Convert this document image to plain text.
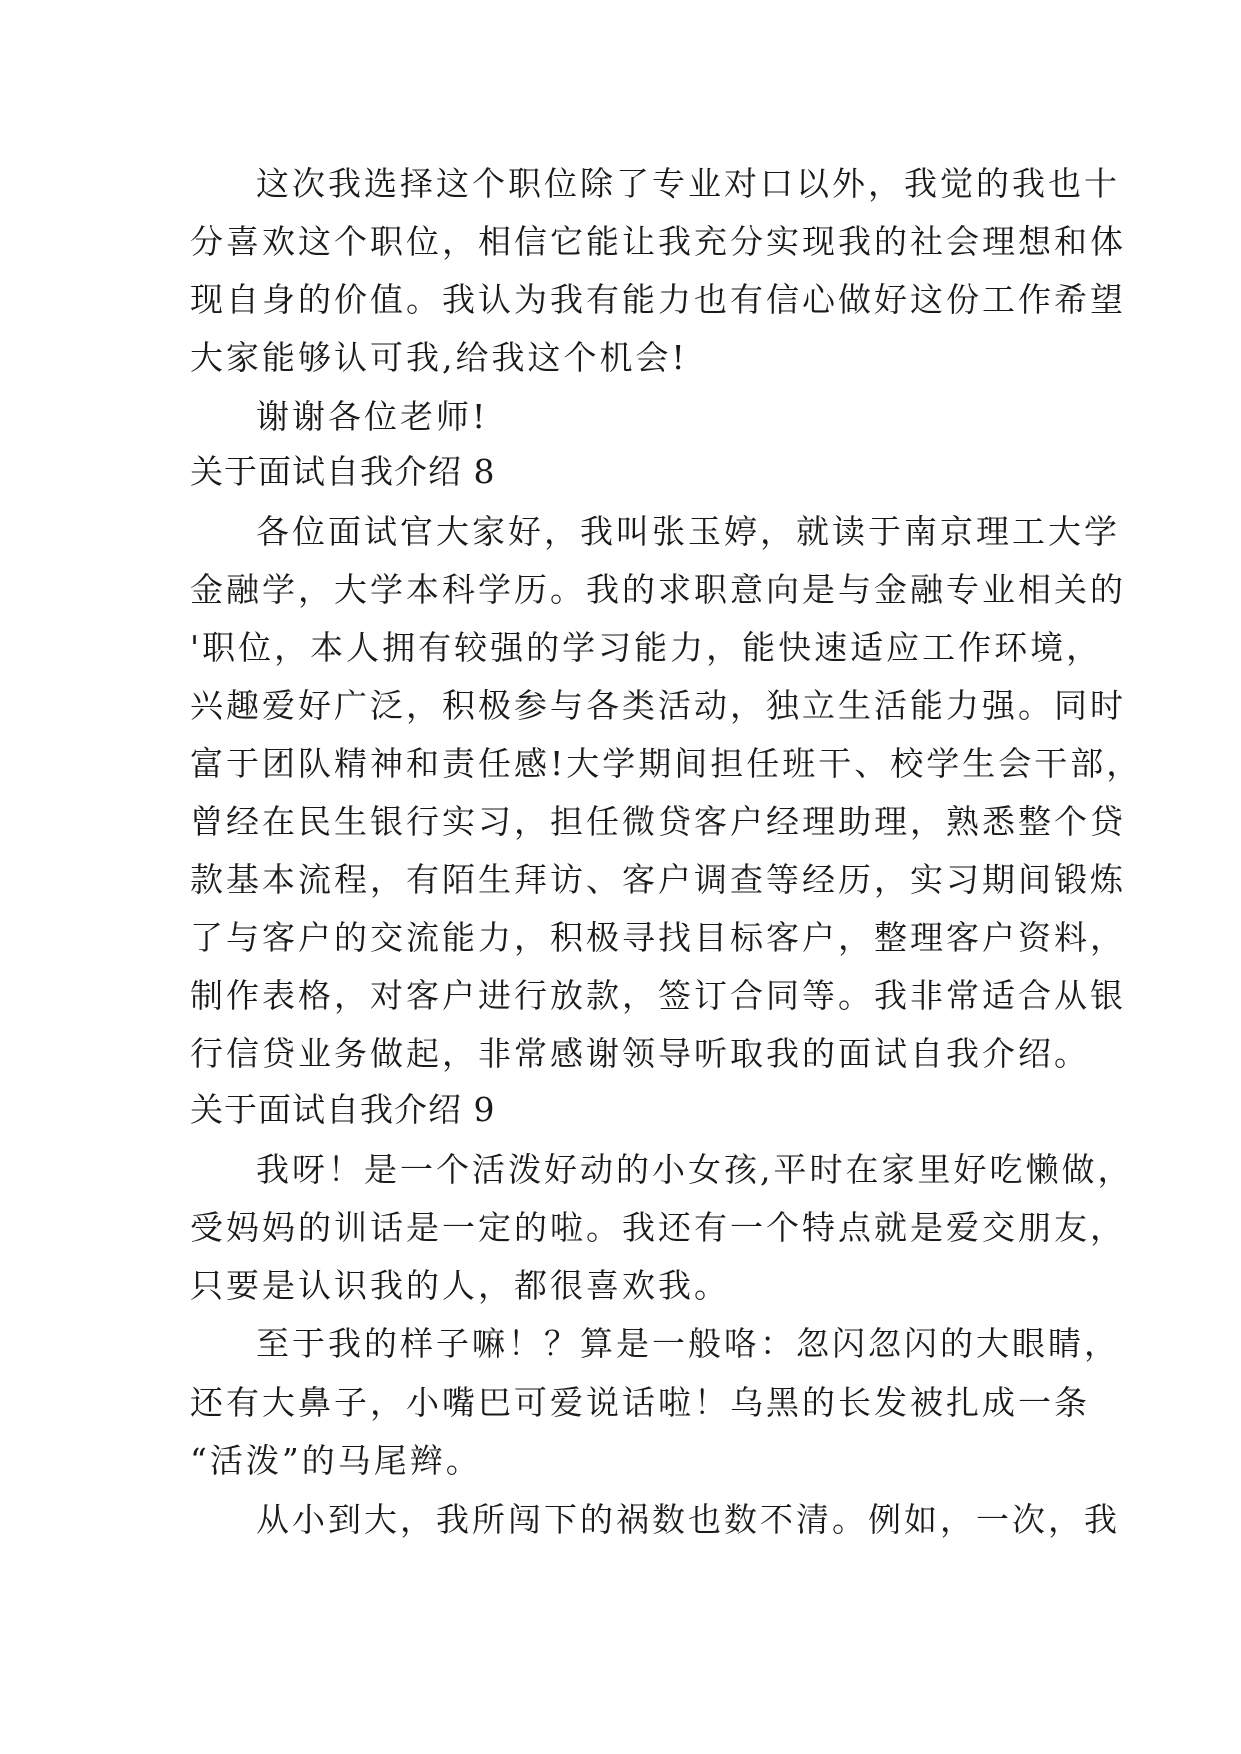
这次我选择这个职位除了专业对口以外，我觉的我也十
分喜欢这个职位，相信它能让我充分实现我的社会理想和体
现自身的价值。我认为我有能力也有信心做好这份工作希望
大家能够认可我,给我这个机会!
谢谢各位老师!
关于面试自我介绍 8
各位面试官大家好，我叫张玉婷，就读于南京理工大学
金融学，大学本科学历。我的求职意向是与金融专业相关的
'职位，本人拥有较强的学习能力，能快速适应工作环境，
兴趣爱好广泛，积极参与各类活动，独立生活能力强。同时
富于团队精神和责任感!大学期间担任班干、校学生会干部，
曾经在民生银行实习，担任微贷客户经理助理，熟悉整个贷
款基本流程，有陌生拜访、客户调查等经历，实习期间锻炼
了与客户的交流能力，积极寻找目标客户，整理客户资料，
制作表格，对客户进行放款，签订合同等。我非常适合从银
行信贷业务做起，非常感谢领导听取我的面试自我介绍。
关于面试自我介绍 9
我呀！是一个活泼好动的小女孩,平时在家里好吃懒做，
受妈妈的训话是一定的啦。我还有一个特点就是爱交朋友，
只要是认识我的人，都很喜欢我。
至于我的样子嘛！？算是一般咯：忽闪忽闪的大眼睛，
还有大鼻子，小嘴巴可爱说话啦！乌黑的长发被扎成一条
“活泼”的马尾辫。
从小到大，我所闯下的祸数也数不清。例如，一次，我
